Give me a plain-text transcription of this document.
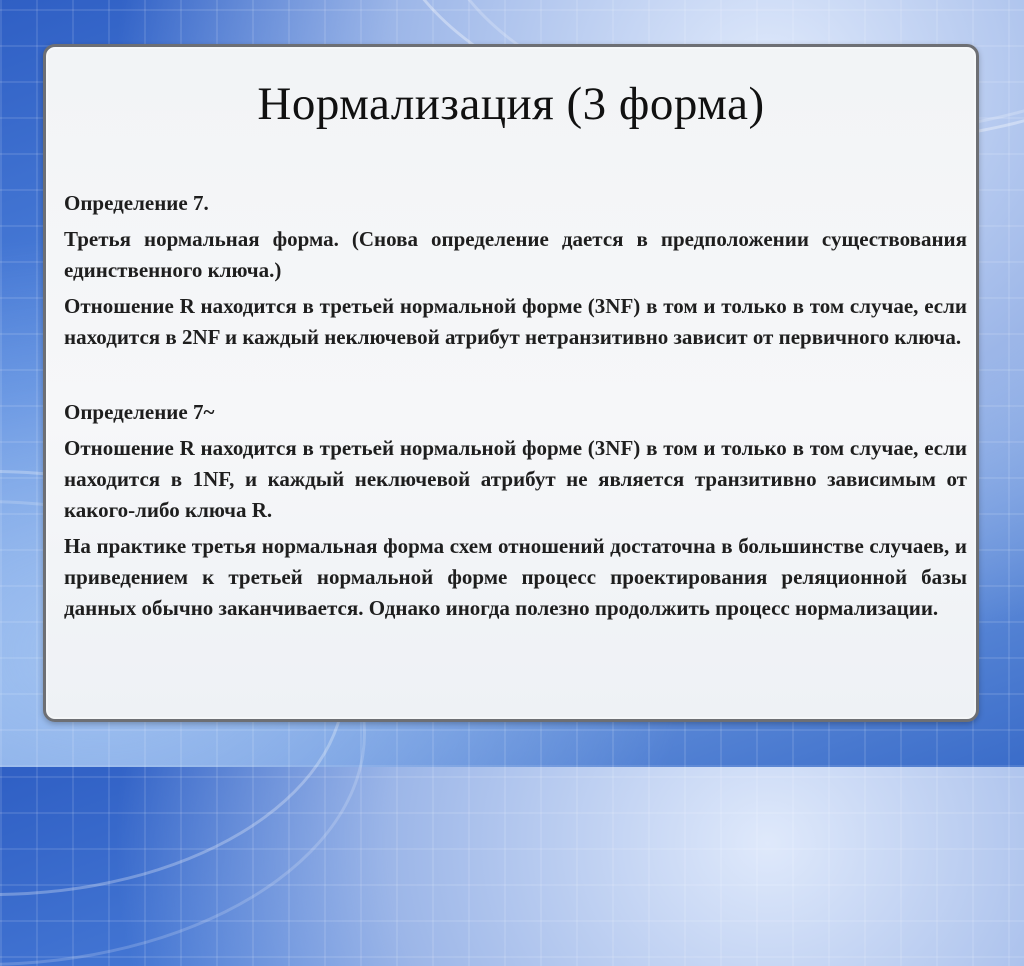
Нормализация (3 форма)

Определение 7.

Третья нормальная форма. (Снова определение дается в предположении существования единственного ключа.)

Отношение R находится в третьей нормальной форме (3NF) в том и только в том случае, если находится в 2NF и каждый неключевой атрибут нетранзитивно зависит от первичного ключа.

Определение 7~

Отношение R находится в третьей нормальной форме (3NF) в том и только в том случае, если находится в 1NF, и каждый неключевой атрибут не является транзитивно зависимым от какого-либо ключа R.

На практике третья нормальная форма схем отношений достаточна в большинстве случаев, и приведением к третьей нормальной форме процесс проектирования реляционной базы данных обычно заканчивается. Однако иногда полезно продолжить процесс нормализации.
